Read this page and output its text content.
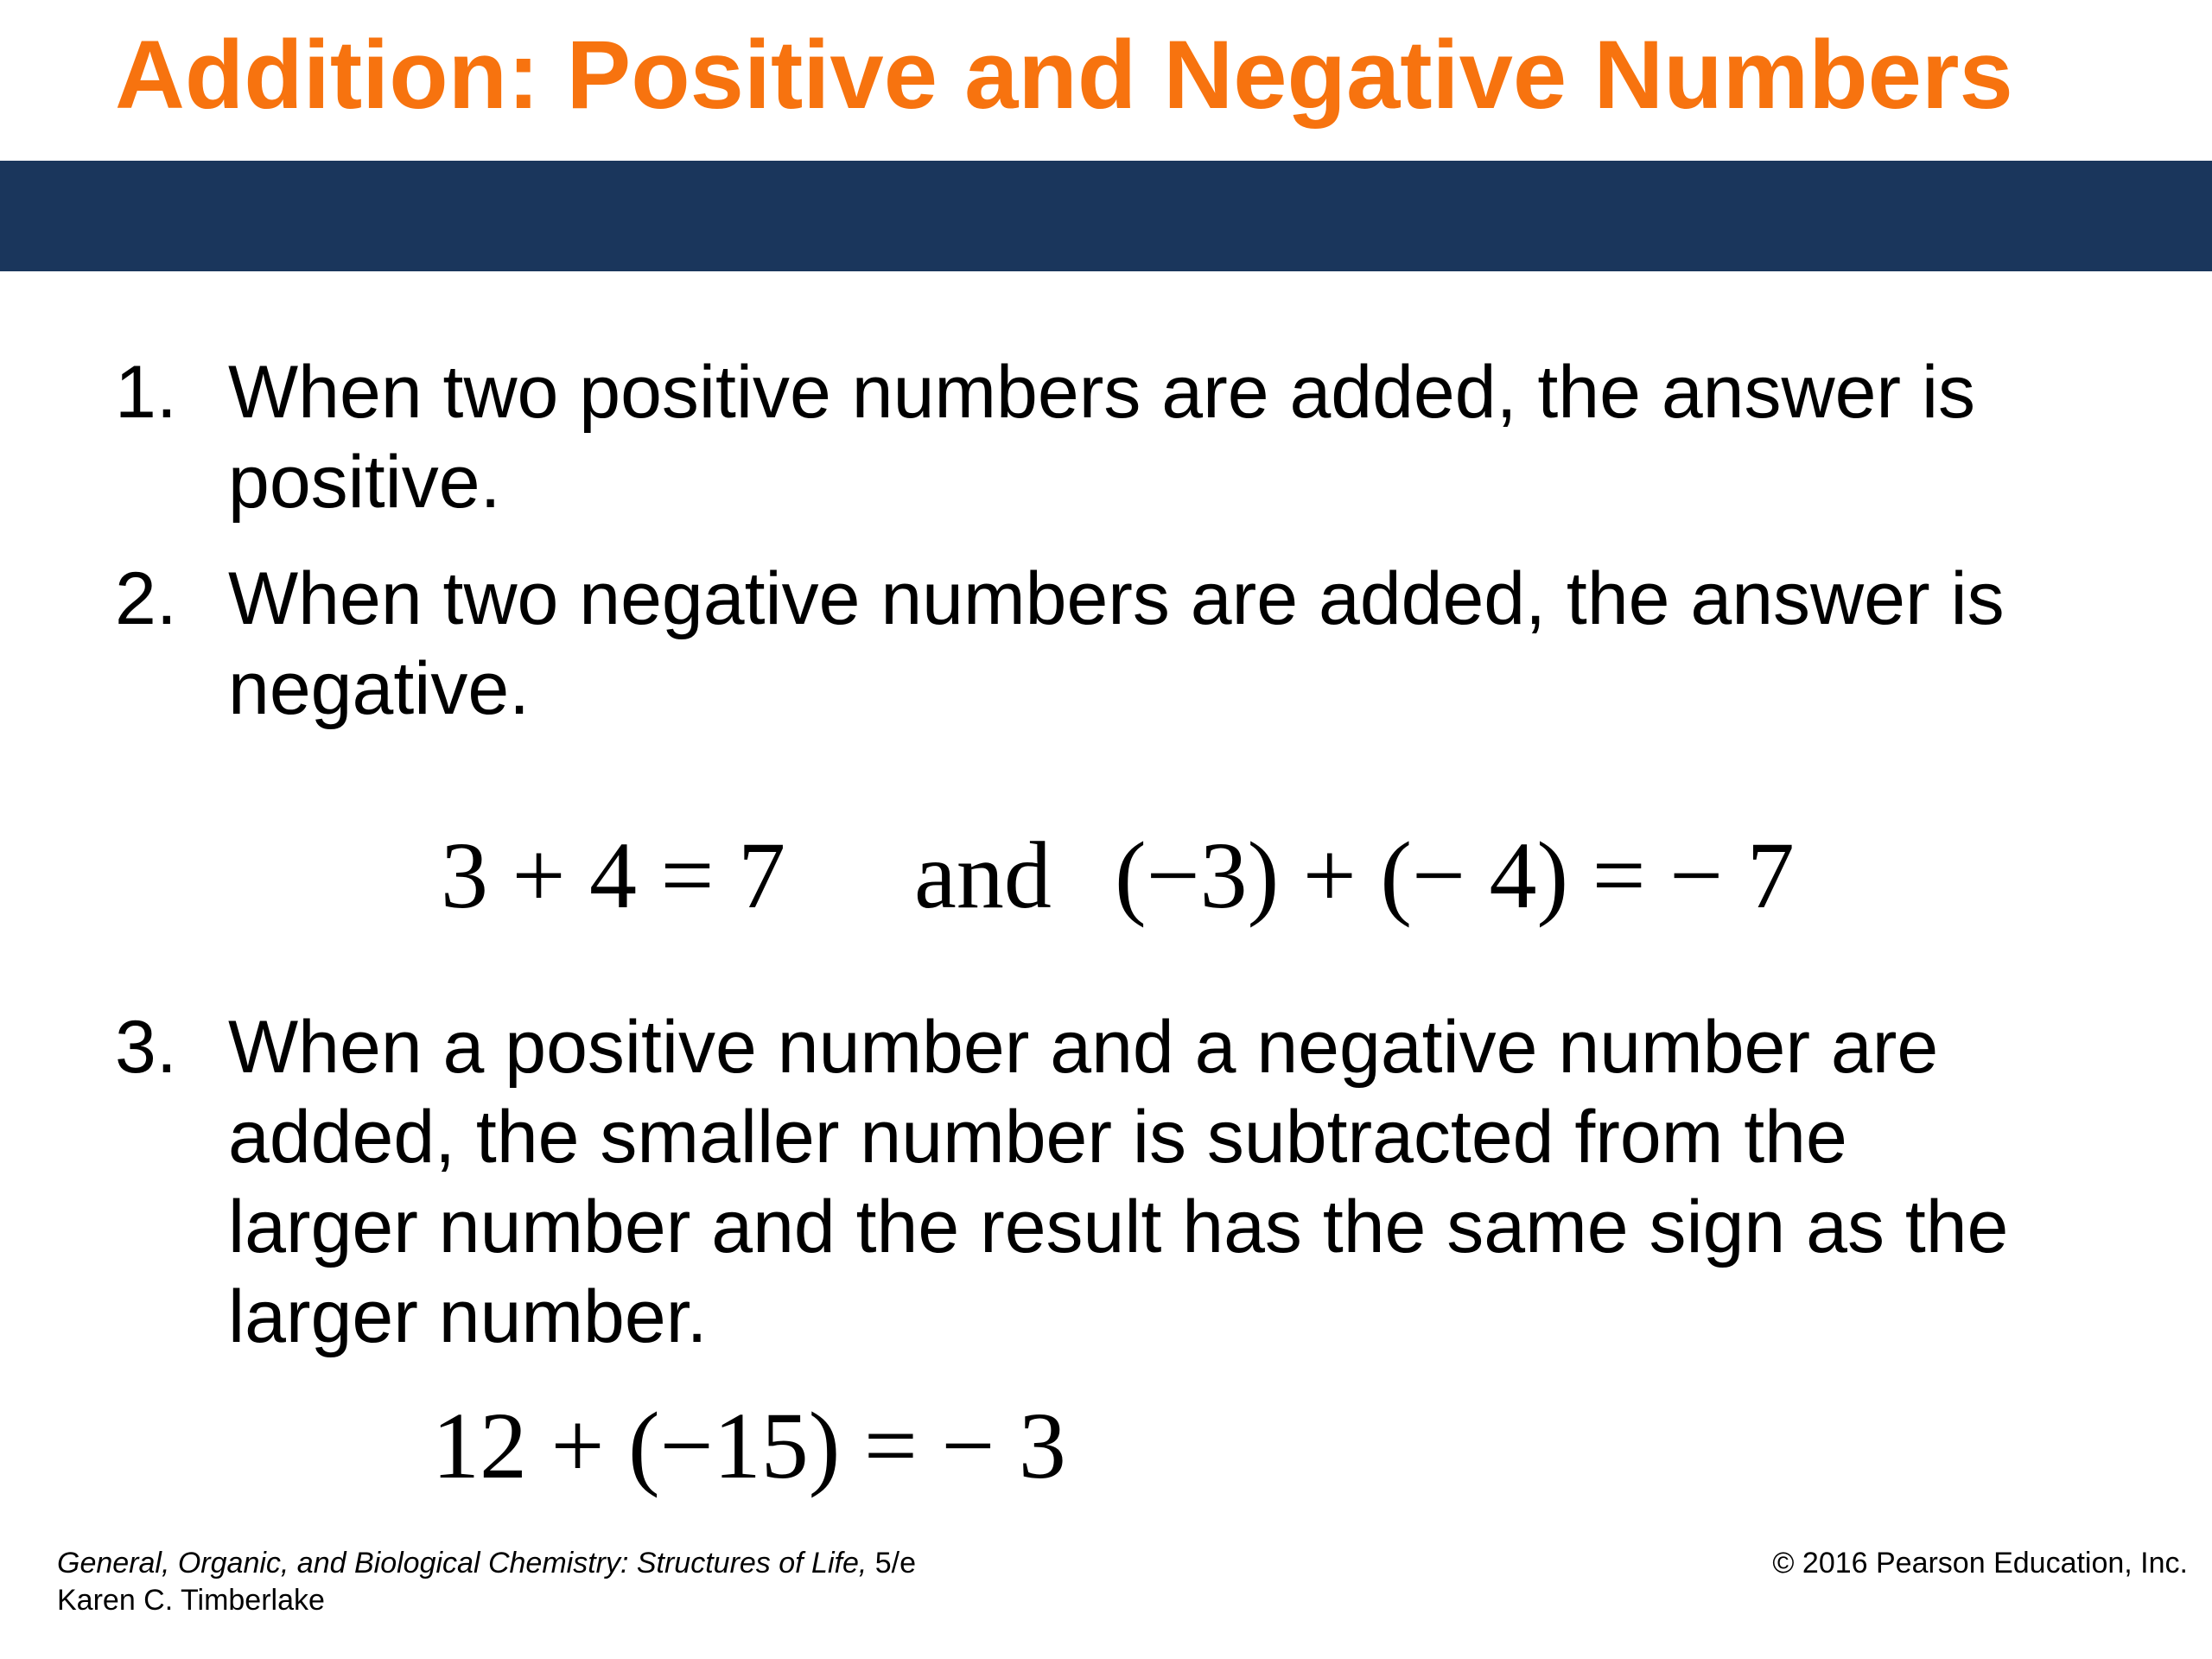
Addition: Positive and Negative Numbers
1. When two positive numbers are added, the answer is positive.
2. When two negative numbers are added, the answer is negative.
3. When a positive number and a negative number are added, the smaller number is subtracted from the larger number and the result has the same sign as the larger number.
3 + 4 = 7 and (−3) + (− 4) = − 7
12 + (−15) = − 3
General, Organic, and Biological Chemistry: Structures of Life, 5/e
Karen C. Timberlake
© 2016 Pearson Education, Inc.
